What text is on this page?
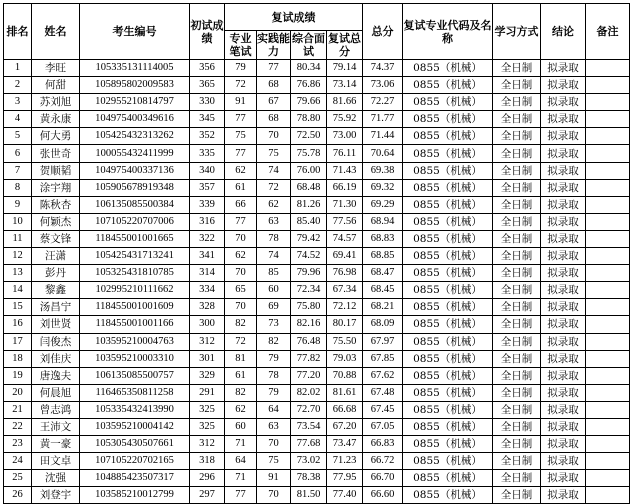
排名	姓名	考生编号	初试成绩	复试成绩				总分	复试专业代码及名称	学习方式	结论	备注
				专业笔试	实践能力	综合面试	复试总分					
1	李旺	105335131114005	356	79	77	80.34	79.14	74.37	0855（机械）	全日制	拟录取	
2	何甜	105895802009583	365	72	68	76.86	73.14	73.06	0855（机械）	全日制	拟录取	
3	苏刘旭	102955210814797	330	91	67	79.66	81.66	72.27	0855（机械）	全日制	拟录取	
4	黄永康	104975400349616	345	77	68	78.80	75.92	71.77	0855（机械）	全日制	拟录取	
5	何大勇	105425432313262	352	75	70	72.50	73.00	71.44	0855（机械）	全日制	拟录取	
6	张世奇	100055432411999	335	77	75	75.78	76.11	70.64	0855（机械）	全日制	拟录取	
7	贺顺韬	104975400337136	340	62	74	76.00	71.43	69.38	0855（机械）	全日制	拟录取	
8	涂宇翔	105905678919348	357	61	72	68.48	66.19	69.32	0855（机械）	全日制	拟录取	
9	陈秋杏	106135085500384	339	66	62	81.26	71.30	69.29	0855（机械）	全日制	拟录取	
10	何颖杰	107105220707006	316	77	63	85.40	77.56	68.94	0855（机械）	全日制	拟录取	
11	蔡文锋	118455001001665	322	70	78	79.42	74.57	68.83	0855（机械）	全日制	拟录取	
12	汪潇	105425431713241	341	62	74	74.52	69.41	68.85	0855（机械）	全日制	拟录取	
13	彭丹	105325431810785	314	70	85	79.96	76.98	68.47	0855（机械）	全日制	拟录取	
14	黎鑫	102995210111662	334	65	60	72.34	67.34	68.45	0855（机械）	全日制	拟录取	
15	汤昌宁	118455001001609	328	70	69	75.80	72.12	68.21	0855（机械）	全日制	拟录取	
16	刘世贤	118455001001166	300	82	73	82.16	80.17	68.09	0855（机械）	全日制	拟录取	
17	闫俊杰	103595210004763	312	72	82	76.48	75.50	67.97	0855（机械）	全日制	拟录取	
18	刘佳庆	103595210003310	301	81	79	77.82	79.03	67.85	0855（机械）	全日制	拟录取	
19	唐逸夫	106135085500757	329	61	78	77.20	70.88	67.62	0855（机械）	全日制	拟录取	
20	何晨旭	116465350811258	291	82	79	82.02	81.61	67.48	0855（机械）	全日制	拟录取	
21	曾志鸿	105335432413990	325	62	64	72.70	66.68	67.45	0855（机械）	全日制	拟录取	
22	王沛文	103595210004142	325	60	63	73.54	67.20	67.05	0855（机械）	全日制	拟录取	
23	黄一豪	105305430507661	312	71	70	77.68	73.47	66.83	0855（机械）	全日制	拟录取	
24	田文卓	107105220702165	318	64	75	73.02	71.23	66.72	0855（机械）	全日制	拟录取	
25	沈强	104885423507317	296	71	91	78.38	77.95	66.70	0855（机械）	全日制	拟录取	
26	刘登宇	103585210012799	297	77	70	81.50	77.40	66.60	0855（机械）	全日制	拟录取	
